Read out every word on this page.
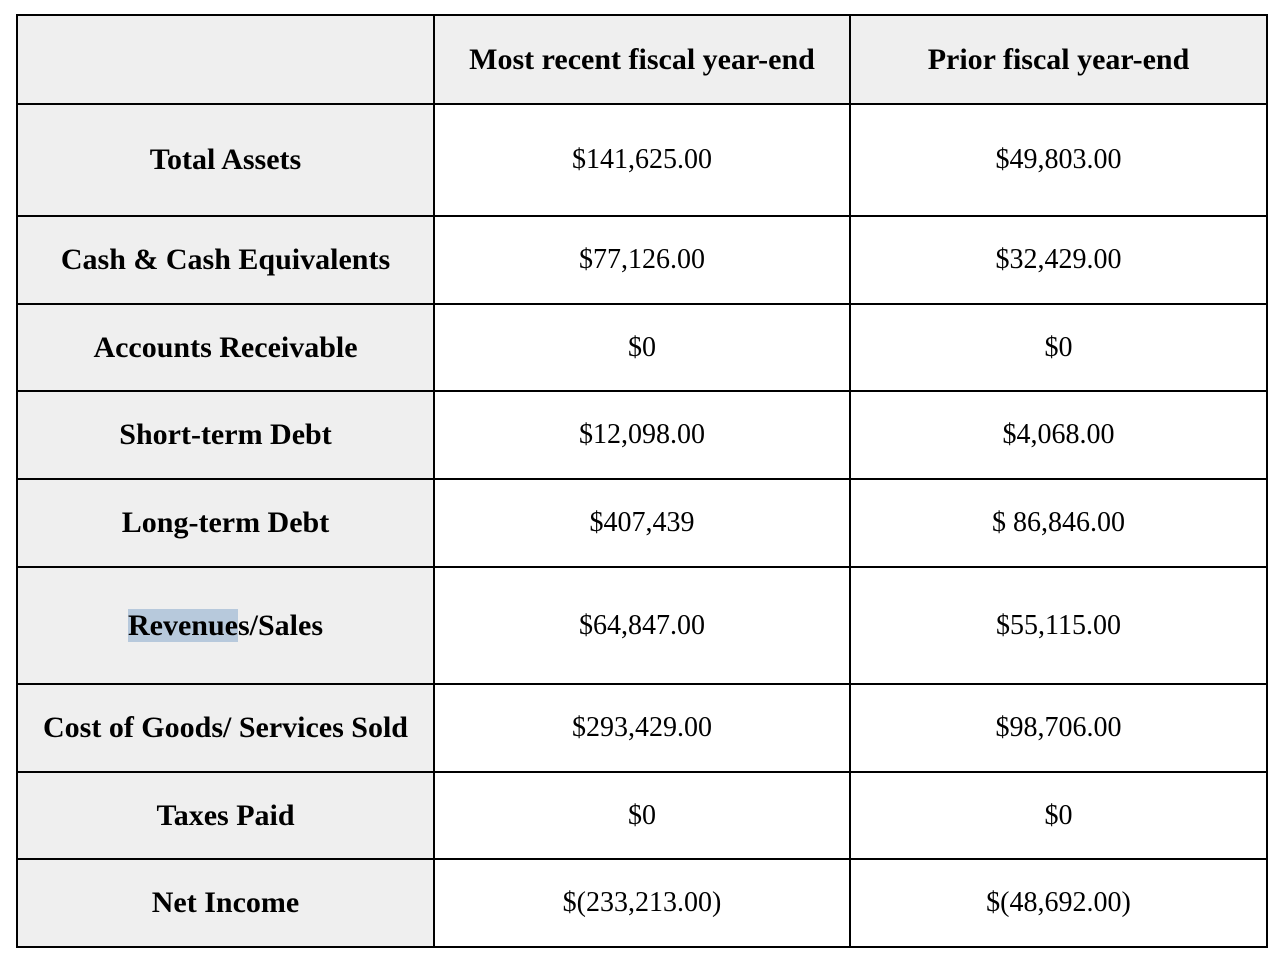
	Most recent fiscal year-end	Prior fiscal year-end
Total Assets	$141,625.00	$49,803.00
Cash & Cash Equivalents	$77,126.00	$32,429.00
Accounts Receivable	$0	$0
Short-term Debt	$12,098.00	$4,068.00
Long-term Debt	$407,439	$ 86,846.00
Revenues/Sales	$64,847.00	$55,115.00
Cost of Goods/ Services Sold	$293,429.00	$98,706.00
Taxes Paid	$0	$0
Net Income	$(233,213.00)	$(48,692.00)
